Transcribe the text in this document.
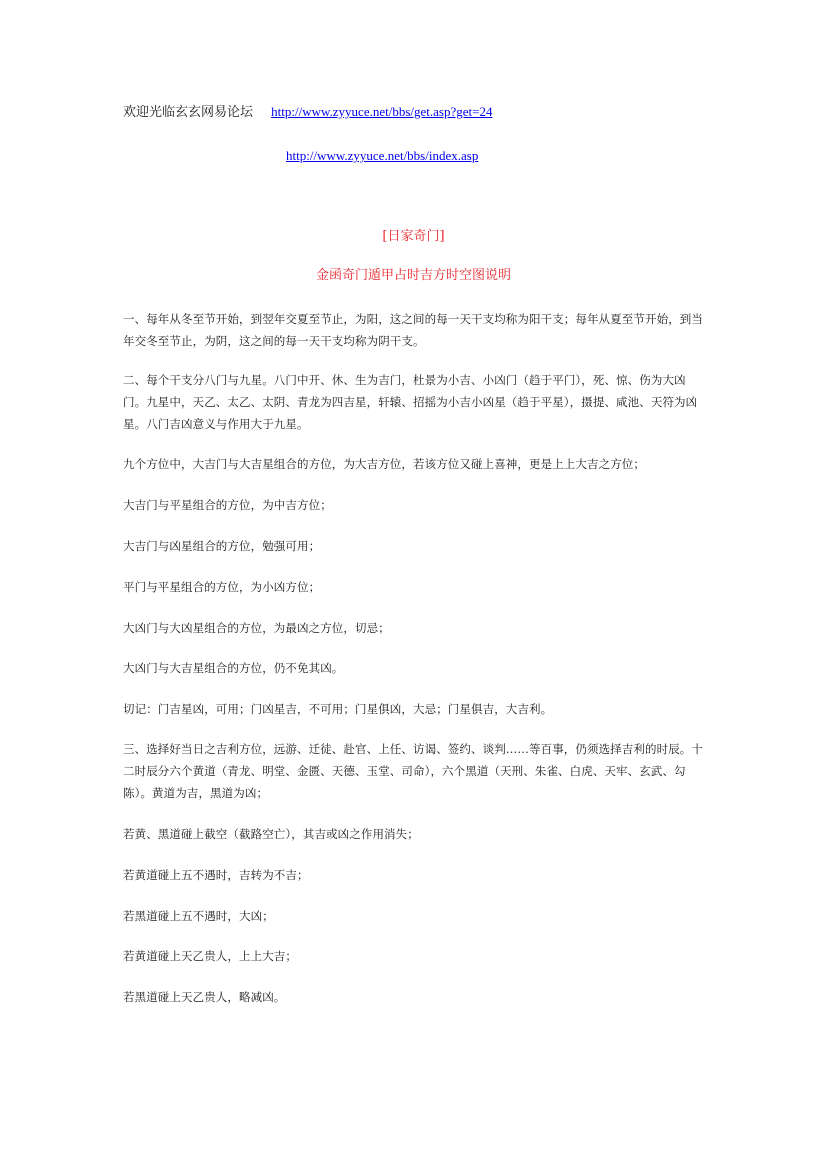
欢迎光临玄玄网易论坛 http://www.zyyuce.net/bbs/get.asp?get=24
http://www.zyyuce.net/bbs/index.asp
[日家奇门]
金函奇门遁甲占时吉方时空图说明

一、每年从冬至节开始，到翌年交夏至节止，为阳，这之间的每一天干支均称为阳干支；每年从夏至节开始，到当年交冬至节止，为阴，这之间的每一天干支均称为阴干支。

二、每个干支分八门与九星。八门中开、休、生为吉门，杜景为小吉、小凶门（趋于平门），死、惊、伤为大凶门。九星中，天乙、太乙、太阴、青龙为四吉星，轩辕、招摇为小吉小凶星（趋于平星），摄提、咸池、天符为凶星。八门吉凶意义与作用大于九星。

九个方位中，大吉门与大吉星组合的方位，为大吉方位，若该方位又碰上喜神，更是上上大吉之方位；

大吉门与平星组合的方位，为中吉方位；

大吉门与凶星组合的方位，勉强可用；

平门与平星组合的方位，为小凶方位；

大凶门与大凶星组合的方位，为最凶之方位，切忌；

大凶门与大吉星组合的方位，仍不免其凶。

切记：门吉星凶，可用；门凶星吉，不可用；门星俱凶，大忌；门星俱吉，大吉利。

三、选择好当日之吉利方位，远游、迁徒、赴官、上任、访谒、签约、谈判……等百事，仍须选择吉利的时辰。十二时辰分六个黄道（青龙、明堂、金匮、天德、玉堂、司命），六个黑道（天刑、朱雀、白虎、天牢、玄武、勾陈）。黄道为吉，黑道为凶；

若黄、黑道碰上截空（截路空亡），其吉或凶之作用消失；

若黄道碰上五不遇时，吉转为不吉；

若黑道碰上五不遇时，大凶；

若黄道碰上天乙贵人，上上大吉；

若黑道碰上天乙贵人，略减凶。
